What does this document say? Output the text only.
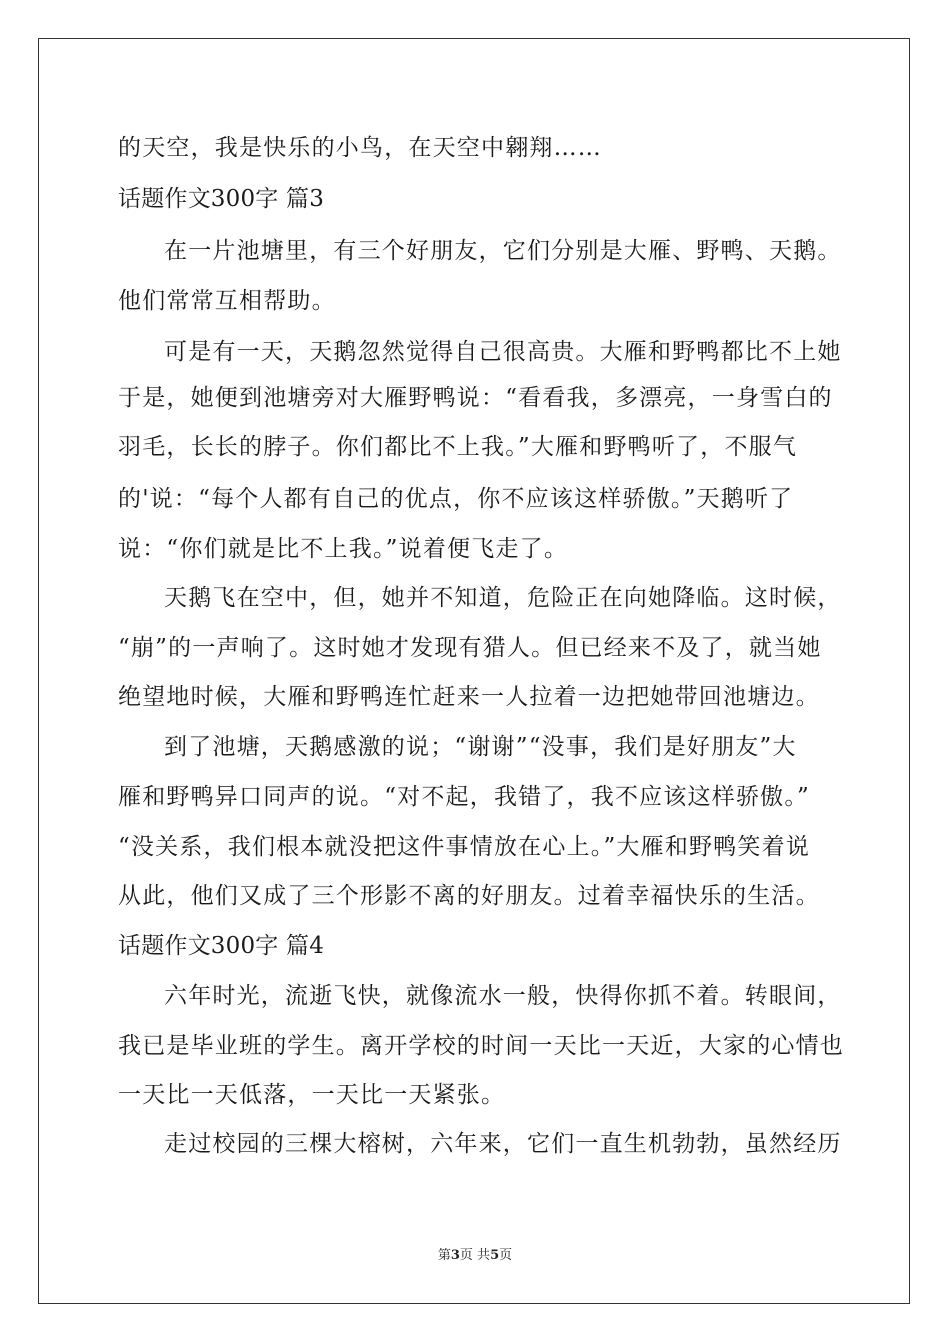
的天空，我是快乐的小鸟，在天空中翱翔……
话题作文300字 篇3
在一片池塘里，有三个好朋友，它们分别是大雁、野鸭、天鹅。
他们常常互相帮助。
可是有一天，天鹅忽然觉得自己很高贵。大雁和野鸭都比不上她
于是，她便到池塘旁对大雁野鸭说：“看看我，多漂亮，一身雪白的
羽毛，长长的脖子。你们都比不上我。”大雁和野鸭听了，不服气
的'说：“每个人都有自己的优点，你不应该这样骄傲。”天鹅听了
说：“你们就是比不上我。”说着便飞走了。
天鹅飞在空中，但，她并不知道，危险正在向她降临。这时候，
“崩”的一声响了。这时她才发现有猎人。但已经来不及了，就当她
绝望地时候，大雁和野鸭连忙赶来一人拉着一边把她带回池塘边。
到了池塘，天鹅感激的说；“谢谢”“没事，我们是好朋友”大
雁和野鸭异口同声的说。“对不起，我错了，我不应该这样骄傲。”
“没关系，我们根本就没把这件事情放在心上。”大雁和野鸭笑着说
从此，他们又成了三个形影不离的好朋友。过着幸福快乐的生活。
话题作文300字 篇4
六年时光，流逝飞快，就像流水一般，快得你抓不着。转眼间，
我已是毕业班的学生。离开学校的时间一天比一天近，大家的心情也
一天比一天低落，一天比一天紧张。
走过校园的三棵大榕树，六年来，它们一直生机勃勃，虽然经历
第3页 共5页
